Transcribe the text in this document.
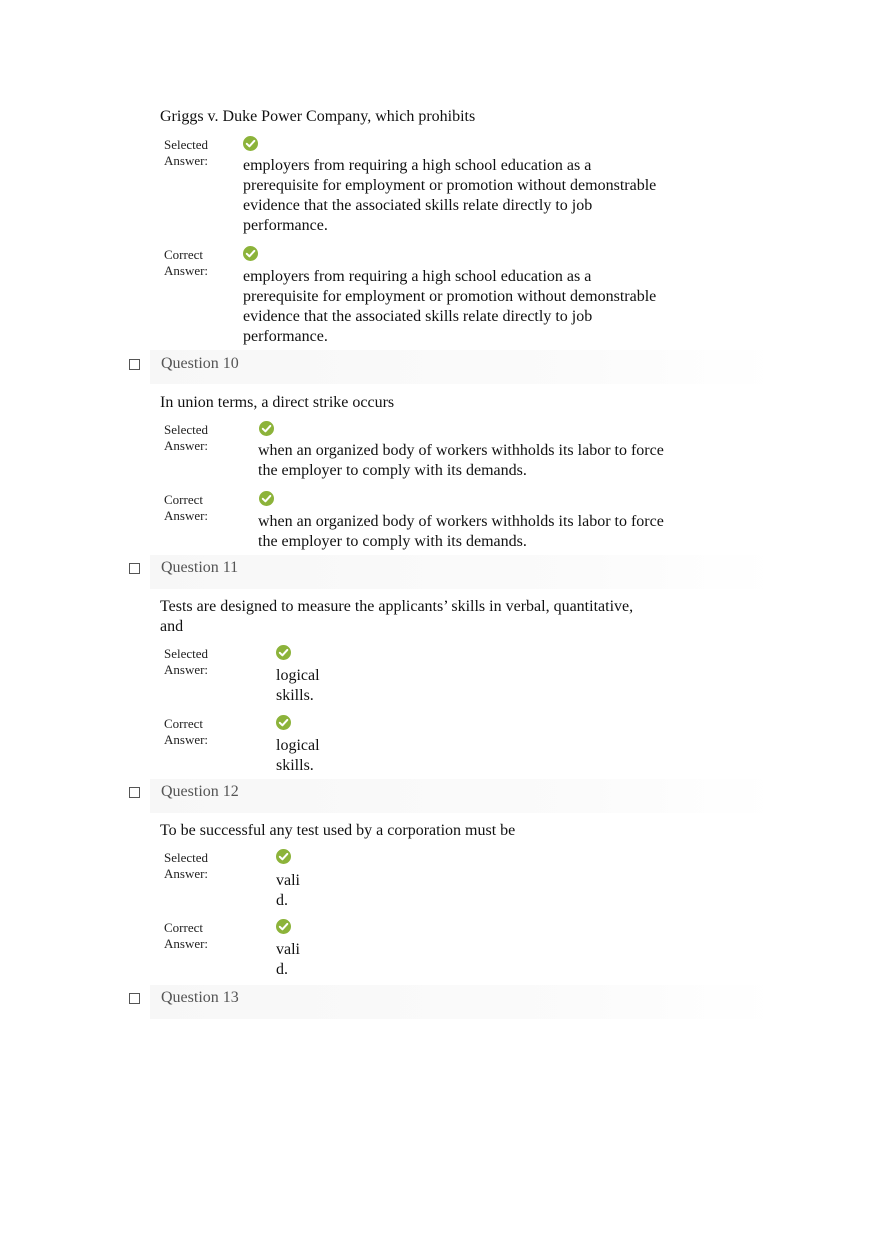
Griggs v. Duke Power Company, which prohibits
Selected
Answer: employers from requiring a high school education as a
prerequisite for employment or promotion without demonstrable
evidence that the associated skills relate directly to job
performance.
Correct
Answer: employers from requiring a high school education as a
prerequisite for employment or promotion without demonstrable
evidence that the associated skills relate directly to job
performance.
Question 10
In union terms, a direct strike occurs
Selected
Answer:	when an organized body of workers withholds its labor to force
the employer to comply with its demands.
Correct
Answer:	when an organized body of workers withholds its labor to force
the employer to comply with its demands.
Question 11
Tests are designed to measure the applicants’ skills in verbal, quantitative,
and
Selected
Answer:	logical
skills.
Correct
Answer:	logical
skills.
Question 12
To be successful any test used by a corporation must be
Selected
Answer:	vali
d.
Correct
Answer:	vali
d.
Question 13
